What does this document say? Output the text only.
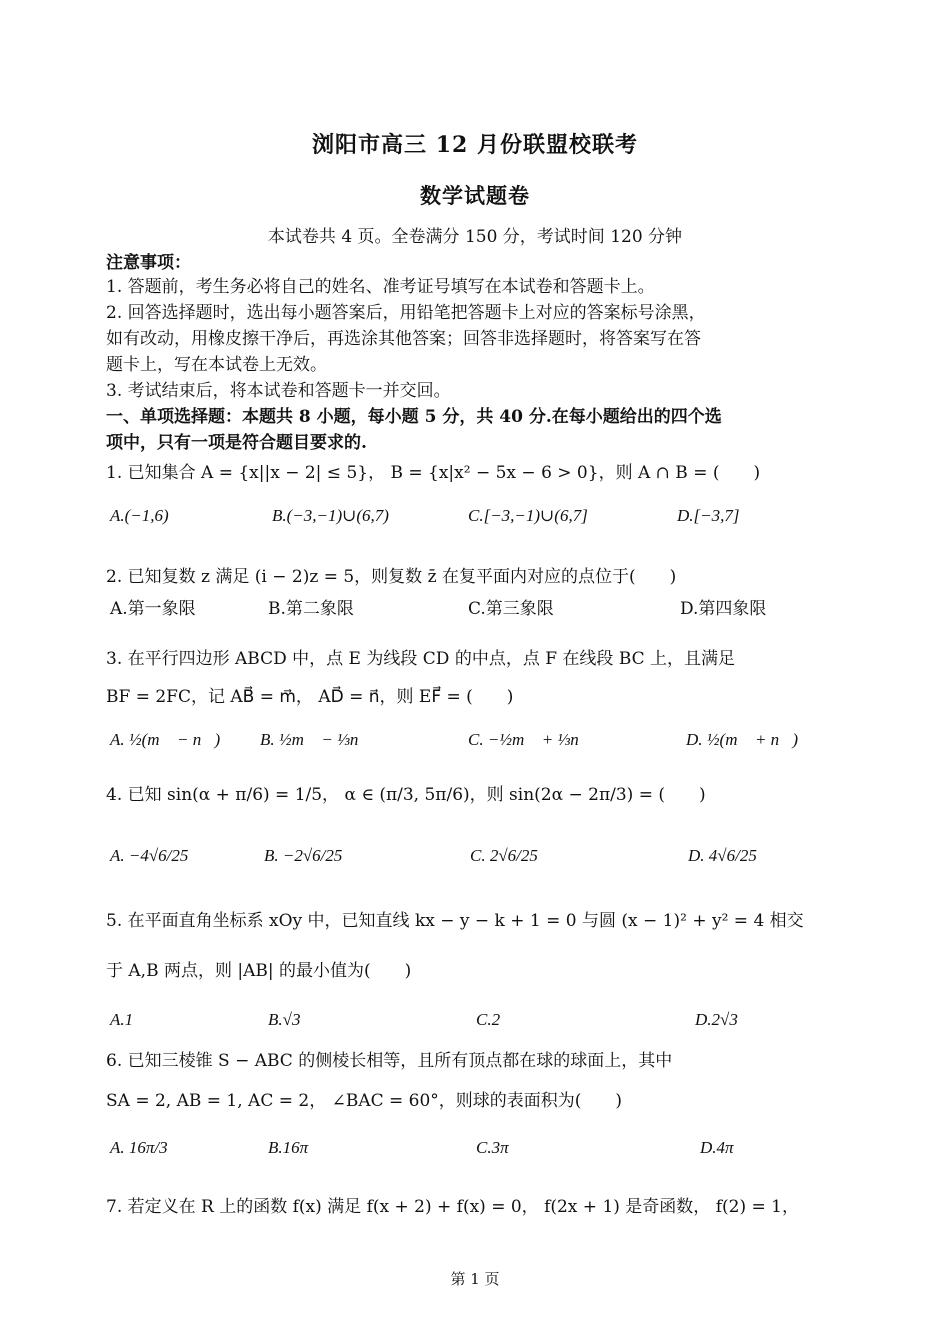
浏阳市高三 12 月份联盟校联考
数学试题卷
本试卷共 4 页。全卷满分 150 分，考试时间 120 分钟
注意事项：
1. 答题前，考生务必将自己的姓名、准考证号填写在本试卷和答题卡上。
2. 回答选择题时，选出每小题答案后，用铅笔把答题卡上对应的答案标号涂黑，
如有改动，用橡皮擦干净后，再选涂其他答案；回答非选择题时，将答案写在答
题卡上，写在本试卷上无效。
3. 考试结束后，将本试卷和答题卡一并交回。
一、单项选择题：本题共 8 小题，每小题 5 分，共 40 分.在每小题给出的四个选
项中，只有一项是符合题目要求的.
1. 已知集合 A = {x||x − 2| ≤ 5}， B = {x|x² − 5x − 6 > 0}，则 A ∩ B = (　　)
A.(−1,6)	B.(−3,−1)∪(6,7)	C.[−3,−1)∪(6,7]	D.[−3,7]
2. 已知复数 z 满足 (i − 2)z = 5，则复数 z̄ 在复平面内对应的点位于(　　)
A.第一象限	B.第二象限	C.第三象限	D.第四象限
3. 在平行四边形 ABCD 中，点 E 为线段 CD 的中点，点 F 在线段 BC 上，且满足
BF = 2FC，记 AB⃗ = m⃗， AD⃗ = n⃗，则 EF⃗ = (　　)
A. ½(m⃗ − n⃗) B. ½m⃗ − ⅓n⃗	C. −½m⃗ + ⅓n⃗	D. ½(m⃗ + n⃗)
4. 已知 sin(α + π/6) = 1/5， α ∈ (π/3, 5π/6)，则 sin(2α − 2π/3) = (　　)
A. −4√6/25	B. −2√6/25	C. 2√6/25	D. 4√6/25
5. 在平面直角坐标系 xOy 中，已知直线 kx − y − k + 1 = 0 与圆 (x − 1)² + y² = 4 相交
于 A,B 两点，则 |AB| 的最小值为(　　)
A.1	B.√3	C.2	D.2√3
6. 已知三棱锥 S − ABC 的侧棱长相等，且所有顶点都在球的球面上，其中
SA = 2, AB = 1, AC = 2， ∠BAC = 60°，则球的表面积为(　　)
A. 16π/3	B.16π	C.3π	D.4π
7. 若定义在 R 上的函数 f(x) 满足 f(x + 2) + f(x) = 0， f(2x + 1) 是奇函数， f(2) = 1，
第 1 页
